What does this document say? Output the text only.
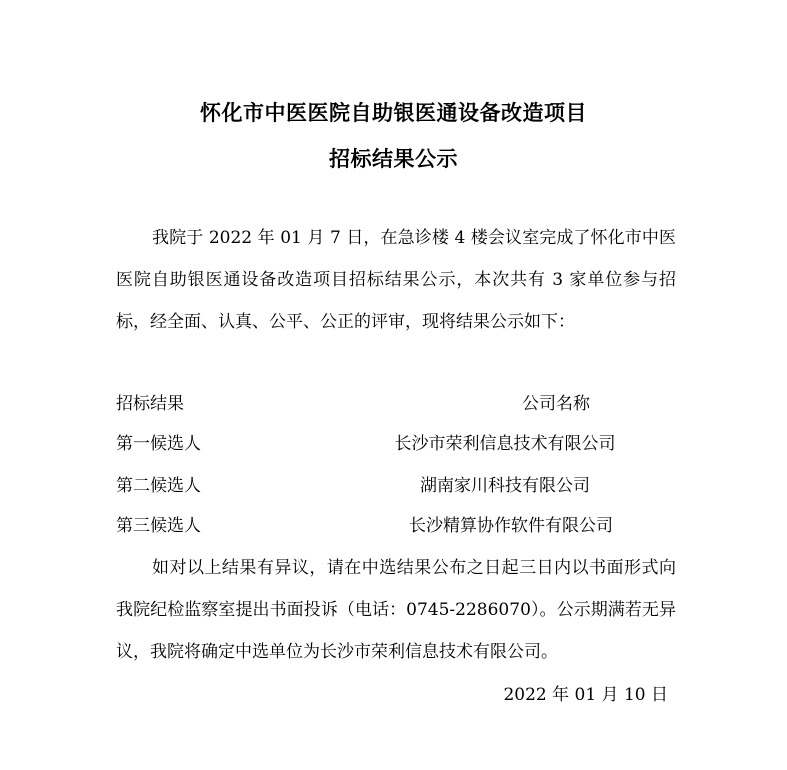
怀化市中医医院自助银医通设备改造项目
招标结果公示
我院于 2022 年 01 月 7 日，在急诊楼 4 楼会议室完成了怀化市中医医院自助银医通设备改造项目招标结果公示，本次共有 3 家单位参与招标，经全面、认真、公平、公正的评审，现将结果公示如下：
招标结果	公司名称
第一候选人	长沙市荣利信息技术有限公司
第二候选人	湖南家川科技有限公司
第三候选人	长沙精算协作软件有限公司
如对以上结果有异议，请在中选结果公布之日起三日内以书面形式向我院纪检监察室提出书面投诉（电话：0745-2286070）。公示期满若无异议，我院将确定中选单位为长沙市荣利信息技术有限公司。
2022 年 01 月 10 日
